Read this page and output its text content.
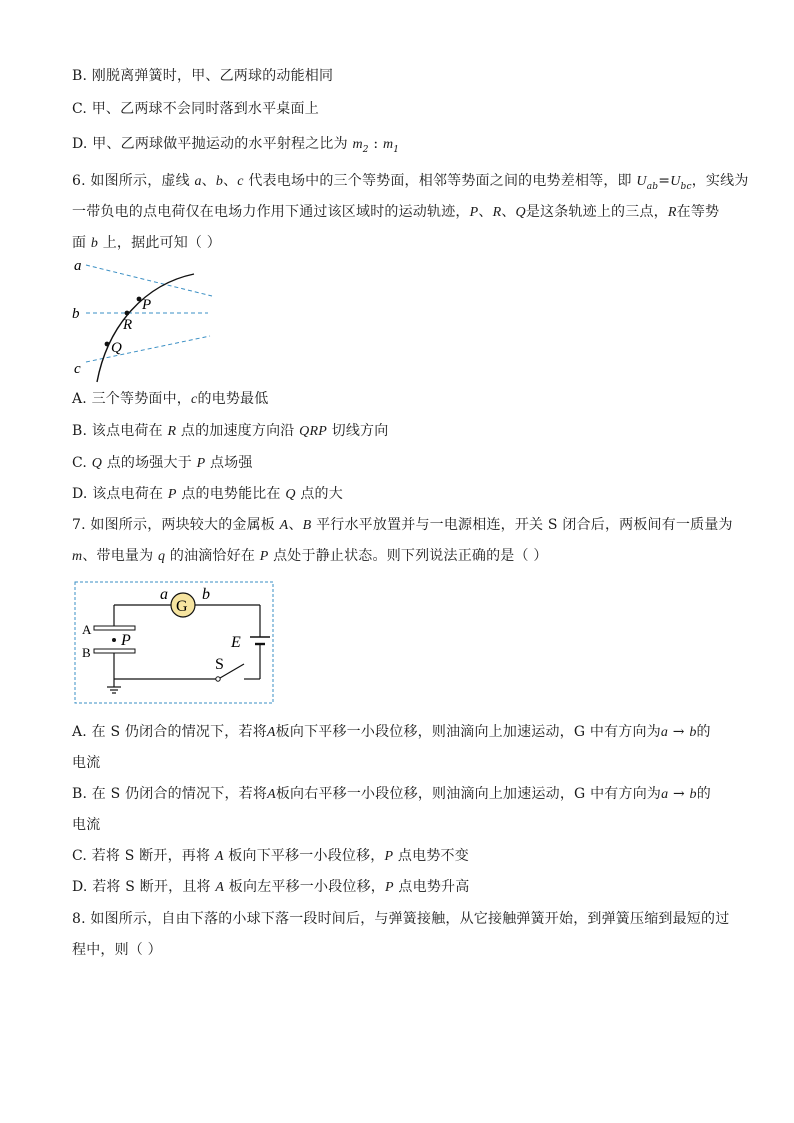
B. 刚脱离弹簧时，甲、乙两球的动能相同
C. 甲、乙两球不会同时落到水平桌面上
D. 甲、乙两球做平抛运动的水平射程之比为 $m_2$ : $m_1$
6. 如图所示，虚线 a、b、c 代表电场中的三个等势面，相邻等势面之间的电势差相等，即 $U_{ab}=U_{bc}$，实线为
一带负电的点电荷仅在电场力作用下通过该区域时的运动轨迹，P、R、Q是这条轨迹上的三点，R在等势
面 b 上，据此可知（ ）
a
b
c
P
R
Q
A. 三个等势面中，c的电势最低
B. 该点电荷在 R 点的加速度方向沿 QRP 切线方向
C. Q 点的场强大于 P 点场强
D. 该点电荷在 P 点的电势能比在 Q 点的大
7. 如图所示，两块较大的金属板 A、B 平行水平放置并与一电源相连，开关 S 闭合后，两板间有一质量为
m、带电量为 q 的油滴恰好在 P 点处于静止状态。则下列说法正确的是（ ）
G
a b
A
B
P
S
E
A. 在 S 仍闭合的情况下，若将A板向下平移一小段位移，则油滴向上加速运动，G 中有方向为a → b的
电流
B. 在 S 仍闭合的情况下，若将A板向右平移一小段位移，则油滴向上加速运动，G 中有方向为a → b的
电流
C. 若将 S 断开，再将 A 板向下平移一小段位移，P 点电势不变
D. 若将 S 断开，且将 A 板向左平移一小段位移，P 点电势升高
8. 如图所示，自由下落的小球下落一段时间后，与弹簧接触，从它接触弹簧开始，到弹簧压缩到最短的过
程中，则（ ）
